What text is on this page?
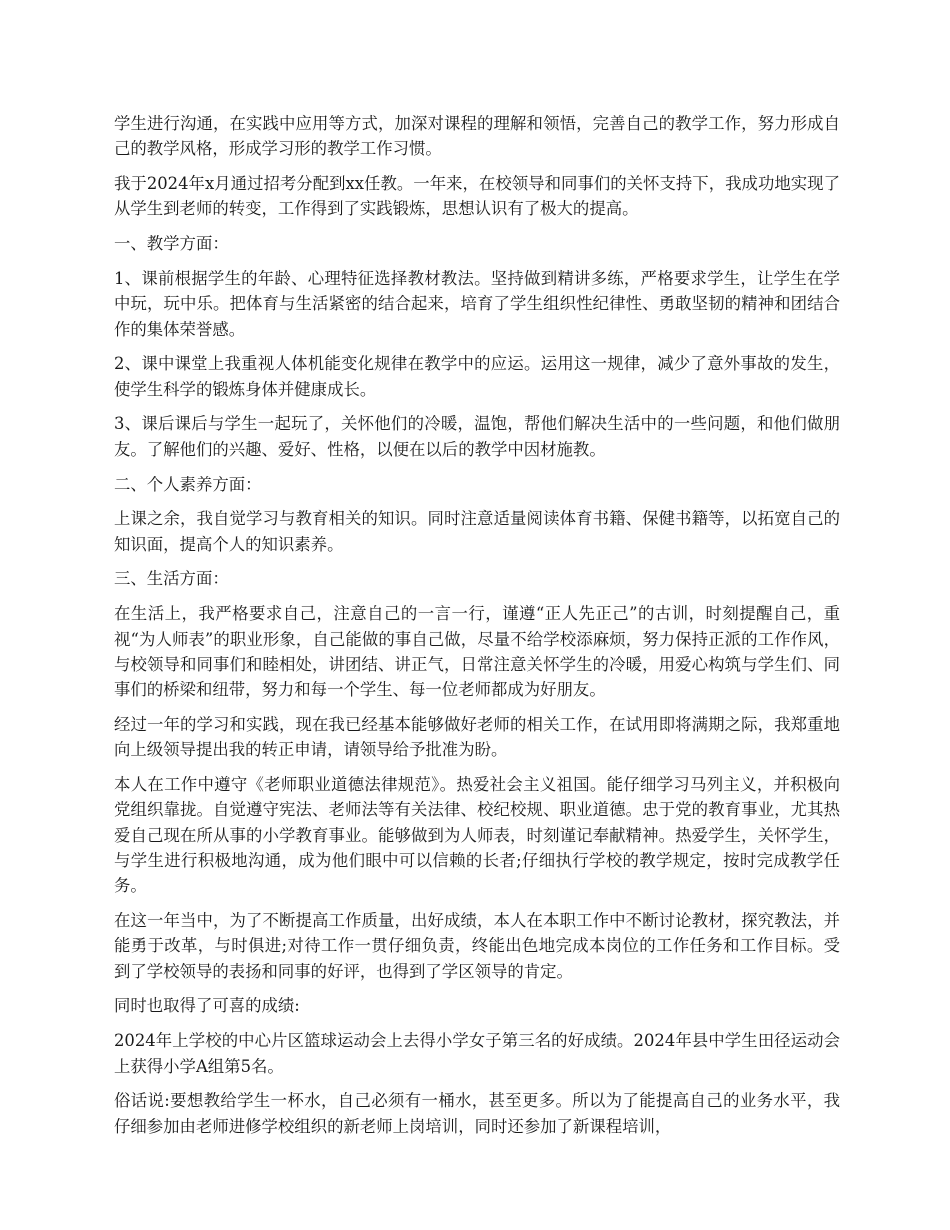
学生进行沟通，在实践中应用等方式，加深对课程的理解和领悟，完善自己的教学工作，努力形成自己的教学风格，形成学习形的教学工作习惯。

我于2024年x月通过招考分配到xx任教。一年来，在校领导和同事们的关怀支持下，我成功地实现了从学生到老师的转变，工作得到了实践锻炼，思想认识有了极大的提高。

一、教学方面：

1、课前根据学生的年龄、心理特征选择教材教法。坚持做到精讲多练，严格要求学生，让学生在学中玩，玩中乐。把体育与生活紧密的结合起来，培育了学生组织性纪律性、勇敢坚韧的精神和团结合作的集体荣誉感。

2、课中课堂上我重视人体机能变化规律在教学中的应运。运用这一规律，减少了意外事故的发生，使学生科学的锻炼身体并健康成长。

3、课后课后与学生一起玩了，关怀他们的冷暖，温饱，帮他们解决生活中的一些问题，和他们做朋友。了解他们的兴趣、爱好、性格，以便在以后的教学中因材施教。

二、个人素养方面：

上课之余，我自觉学习与教育相关的知识。同时注意适量阅读体育书籍、保健书籍等，以拓宽自己的知识面，提高个人的知识素养。

三、生活方面：

在生活上，我严格要求自己，注意自己的一言一行，谨遵“正人先正己”的古训，时刻提醒自己，重视“为人师表”的职业形象，自己能做的事自己做，尽量不给学校添麻烦，努力保持正派的工作作风，与校领导和同事们和睦相处，讲团结、讲正气，日常注意关怀学生的冷暖，用爱心构筑与学生们、同事们的桥梁和纽带，努力和每一个学生、每一位老师都成为好朋友。

经过一年的学习和实践，现在我已经基本能够做好老师的相关工作，在试用即将满期之际，我郑重地向上级领导提出我的转正申请，请领导给予批准为盼。

本人在工作中遵守《老师职业道德法律规范》。热爱社会主义祖国。能仔细学习马列主义，并积极向党组织靠拢。自觉遵守宪法、老师法等有关法律、校纪校规、职业道德。忠于党的教育事业，尤其热爱自己现在所从事的小学教育事业。能够做到为人师表，时刻谨记奉献精神。热爱学生，关怀学生，与学生进行积极地沟通，成为他们眼中可以信赖的长者;仔细执行学校的教学规定，按时完成教学任务。

在这一年当中，为了不断提高工作质量，出好成绩，本人在本职工作中不断讨论教材，探究教法，并能勇于改革，与时俱进;对待工作一贯仔细负责，终能出色地完成本岗位的工作任务和工作目标。受到了学校领导的表扬和同事的好评，也得到了学区领导的肯定。

同时也取得了可喜的成绩:

2024年上学校的中心片区篮球运动会上去得小学女子第三名的好成绩。2024年县中学生田径运动会上获得小学A组第5名。

俗话说:要想教给学生一杯水，自己必须有一桶水，甚至更多。所以为了能提高自己的业务水平，我仔细参加由老师进修学校组织的新老师上岗培训，同时还参加了新课程培训，
